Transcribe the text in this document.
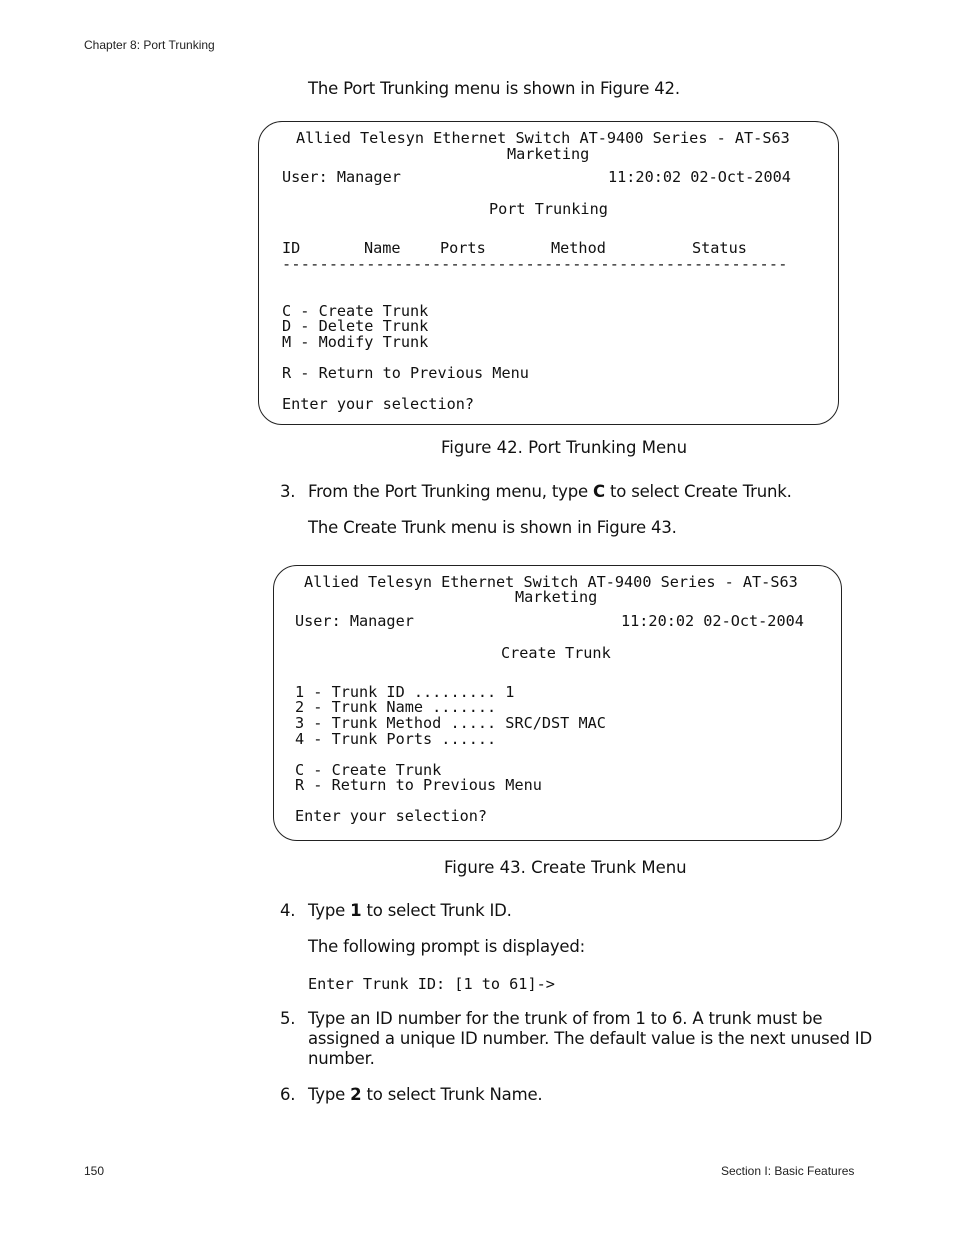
Chapter 8: Port Trunking
The Port Trunking menu is shown in Figure 42.
Allied Telesyn Ethernet Switch AT-9400 Series - AT-S63
Marketing
User: Manager	11:20:02 02-Oct-2004
Port Trunking
ID	Name	Ports	Method	Status
------------------------------------------------------
C - Create Trunk
D - Delete Trunk
M - Modify Trunk
R - Return to Previous Menu
Enter your selection?
Figure 42. Port Trunking Menu
3. From the Port Trunking menu, type C to select Create Trunk.
The Create Trunk menu is shown in Figure 43.
Allied Telesyn Ethernet Switch AT-9400 Series - AT-S63
Marketing
User: Manager	11:20:02 02-Oct-2004
Create Trunk
1 - Trunk ID ......... 1
2 - Trunk Name .......
3 - Trunk Method ..... SRC/DST MAC
4 - Trunk Ports ......
C - Create Trunk
R - Return to Previous Menu
Enter your selection?
Figure 43. Create Trunk Menu
4. Type 1 to select Trunk ID.
The following prompt is displayed:
Enter Trunk ID: [1 to 61]->
5. Type an ID number for the trunk of from 1 to 6. A trunk must be
assigned a unique ID number. The default value is the next unused ID
number.
6. Type 2 to select Trunk Name.
150	Section I: Basic Features
